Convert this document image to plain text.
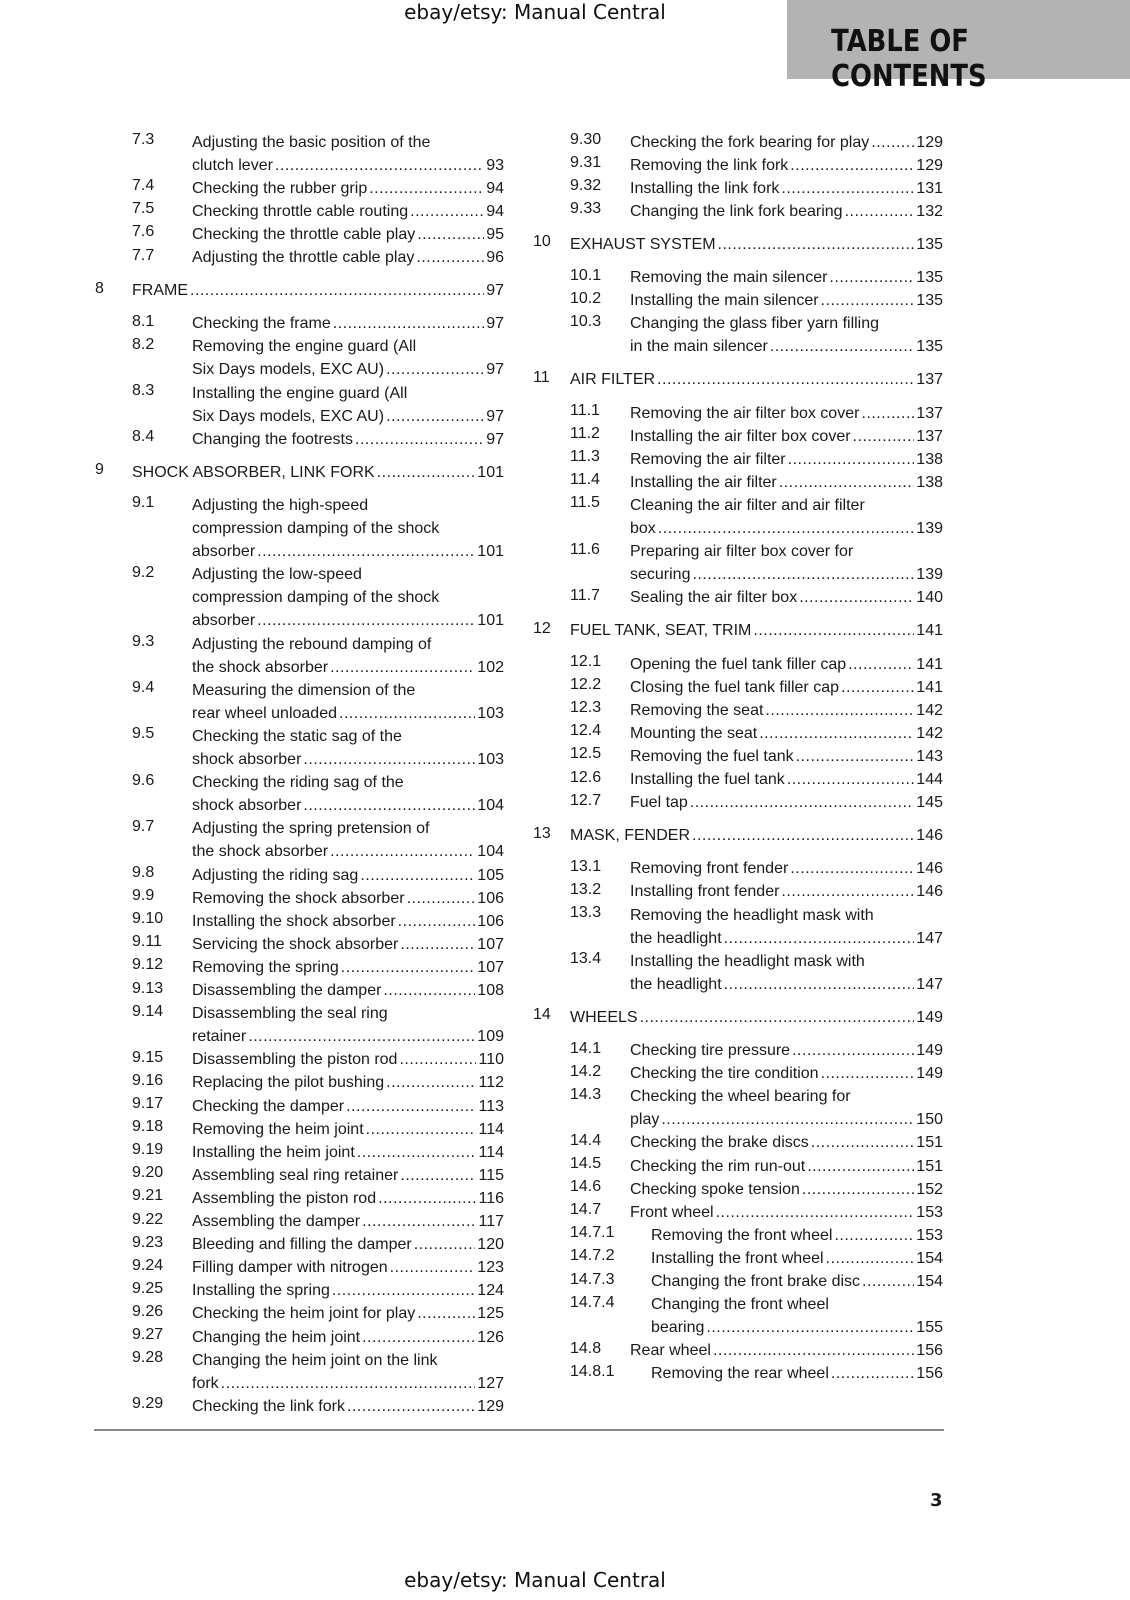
ebay/etsy: Manual Central
TABLE OF CONTENTS
7.3 Adjusting the basic position of the
clutch lever .....	93
7.4 Checking the rubber grip .....	94
7.5 Checking throttle cable routing .....	94
7.6 Checking the throttle cable play .....	95
7.7 Adjusting the throttle cable play .....	96
8 FRAME .....	97
8.1 Checking the frame .....	97
8.2 Removing the engine guard (All
Six Days models, EXC AU) .....	97
8.3 Installing the engine guard (All
Six Days models, EXC AU) .....	97
8.4 Changing the footrests .....	97
9 SHOCK ABSORBER, LINK FORK .....	101
9.1 Adjusting the high-speed
compression damping of the shock
absorber .....	101
9.2 Adjusting the low-speed
compression damping of the shock
absorber .....	101
9.3 Adjusting the rebound damping of
the shock absorber .....	102
9.4 Measuring the dimension of the
rear wheel unloaded .....	103
9.5 Checking the static sag of the
shock absorber .....	103
9.6 Checking the riding sag of the
shock absorber .....	104
9.7 Adjusting the spring pretension of
the shock absorber .....	104
9.8 Adjusting the riding sag .....	105
9.9 Removing the shock absorber .....	106
9.10 Installing the shock absorber .....	106
9.11 Servicing the shock absorber .....	107
9.12 Removing the spring .....	107
9.13 Disassembling the damper .....	108
9.14 Disassembling the seal ring
retainer .....	109
9.15 Disassembling the piston rod .....	110
9.16 Replacing the pilot bushing .....	112
9.17 Checking the damper .....	113
9.18 Removing the heim joint .....	114
9.19 Installing the heim joint .....	114
9.20 Assembling seal ring retainer .....	115
9.21 Assembling the piston rod .....	116
9.22 Assembling the damper .....	117
9.23 Bleeding and filling the damper .....	120
9.24 Filling damper with nitrogen .....	123
9.25 Installing the spring .....	124
9.26 Checking the heim joint for play .....	125
9.27 Changing the heim joint .....	126
9.28 Changing the heim joint on the link
fork .....	127
9.29 Checking the link fork .....	129
9.30 Checking the fork bearing for play .....	129
9.31 Removing the link fork .....	129
9.32 Installing the link fork .....	131
9.33 Changing the link fork bearing .....	132
10 EXHAUST SYSTEM .....	135
10.1 Removing the main silencer .....	135
10.2 Installing the main silencer .....	135
10.3 Changing the glass fiber yarn filling
in the main silencer .....	135
11 AIR FILTER .....	137
11.1 Removing the air filter box cover .....	137
11.2 Installing the air filter box cover .....	137
11.3 Removing the air filter .....	138
11.4 Installing the air filter .....	138
11.5 Cleaning the air filter and air filter
box .....	139
11.6 Preparing air filter box cover for
securing .....	139
11.7 Sealing the air filter box .....	140
12 FUEL TANK, SEAT, TRIM .....	141
12.1 Opening the fuel tank filler cap .....	141
12.2 Closing the fuel tank filler cap .....	141
12.3 Removing the seat .....	142
12.4 Mounting the seat .....	142
12.5 Removing the fuel tank .....	143
12.6 Installing the fuel tank .....	144
12.7 Fuel tap .....	145
13 MASK, FENDER .....	146
13.1 Removing front fender .....	146
13.2 Installing front fender .....	146
13.3 Removing the headlight mask with
the headlight .....	147
13.4 Installing the headlight mask with
the headlight .....	147
14 WHEELS .....	149
14.1 Checking tire pressure .....	149
14.2 Checking the tire condition .....	149
14.3 Checking the wheel bearing for
play .....	150
14.4 Checking the brake discs .....	151
14.5 Checking the rim run-out .....	151
14.6 Checking spoke tension .....	152
14.7 Front wheel .....	153
14.7.1 Removing the front wheel .....	153
14.7.2 Installing the front wheel .....	154
14.7.3 Changing the front brake disc .....	154
14.7.4 Changing the front wheel
bearing .....	155
14.8 Rear wheel .....	156
14.8.1 Removing the rear wheel .....	156
3
ebay/etsy: Manual Central
